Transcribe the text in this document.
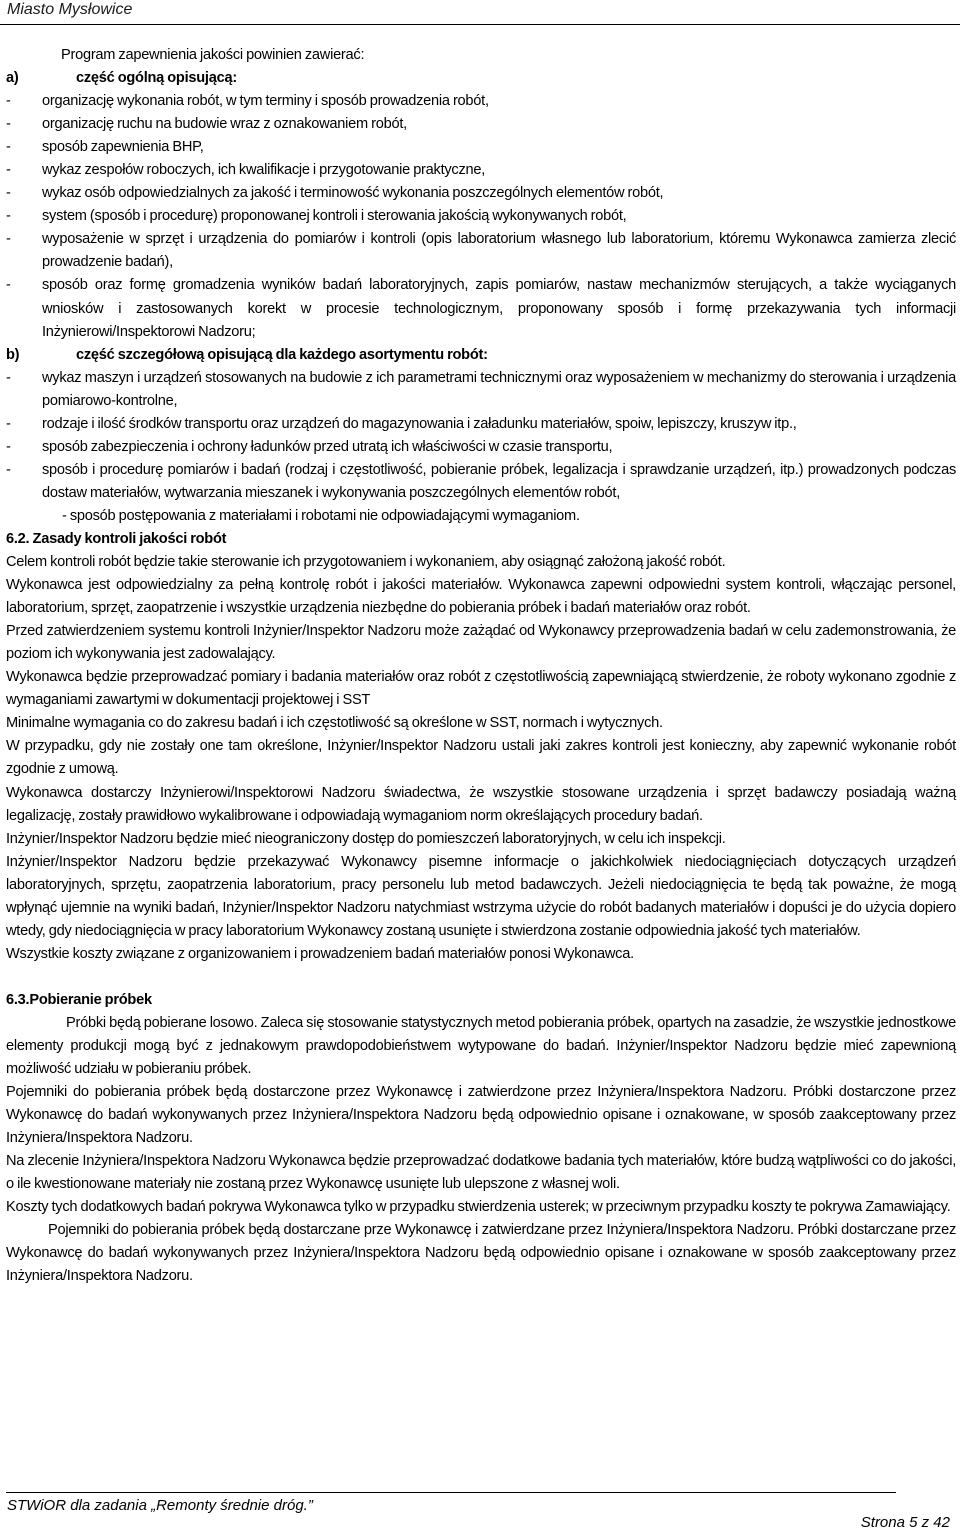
Miasto Mysłowice

Program zapewnienia jakości powinien zawierać:

a)	część ogólną opisującą:

- organizację wykonania robót, w tym terminy i sposób prowadzenia robót,

- organizację ruchu na budowie wraz z oznakowaniem robót,

- sposób zapewnienia BHP,

- wykaz zespołów roboczych, ich kwalifikacje i przygotowanie praktyczne,

- wykaz osób odpowiedzialnych za jakość i terminowość wykonania poszczególnych elementów robót,

- system (sposób i procedurę) proponowanej kontroli i sterowania jakością wykonywanych robót,

- wyposażenie w sprzęt i urządzenia do pomiarów i kontroli (opis laboratorium własnego lub laboratorium, któremu Wykonawca zamierza zlecić prowadzenie badań),

- sposób oraz formę gromadzenia wyników badań laboratoryjnych, zapis pomiarów, nastaw mechanizmów sterujących, a także wyciąganych wniosków i zastosowanych korekt w procesie technologicznym, proponowany sposób i formę przekazywania tych informacji Inżynierowi/Inspektorowi Nadzoru;

b)	część szczegółową opisującą dla każdego asortymentu robót:

- wykaz maszyn i urządzeń stosowanych na budowie z ich parametrami technicznymi oraz wyposażeniem w mechanizmy do sterowania i urządzenia pomiarowo-kontrolne,

- rodzaje i ilość środków transportu oraz urządzeń do magazynowania i załadunku materiałów, spoiw, lepiszczy, kruszyw itp.,

- sposób zabezpieczenia i ochrony ładunków przed utratą ich właściwości w czasie transportu,

- sposób i procedurę pomiarów i badań (rodzaj i częstotliwość, pobieranie próbek, legalizacja i sprawdzanie urządzeń, itp.) prowadzonych podczas dostaw materiałów, wytwarzania mieszanek i wykonywania poszczególnych elementów robót,

- sposób postępowania z materiałami i robotami nie odpowiadającymi wymaganiom.

6.2. Zasady kontroli jakości robót

Celem kontroli robót będzie takie sterowanie ich przygotowaniem i wykonaniem, aby osiągnąć założoną jakość robót.

Wykonawca jest odpowiedzialny za pełną kontrolę robót i jakości materiałów. Wykonawca zapewni odpowiedni system kontroli, włączając personel, laboratorium, sprzęt, zaopatrzenie i wszystkie urządzenia niezbędne do pobierania próbek i badań materiałów oraz robót.

Przed zatwierdzeniem systemu kontroli Inżynier/Inspektor Nadzoru może zażądać od Wykonawcy przeprowadzenia badań w celu zademonstrowania, że poziom ich wykonywania jest zadowalający.

Wykonawca będzie przeprowadzać pomiary i badania materiałów oraz robót z częstotliwością zapewniającą stwierdzenie, że roboty wykonano zgodnie z wymaganiami zawartymi w dokumentacji projektowej i SST

Minimalne wymagania co do zakresu badań i ich częstotliwość są określone w SST, normach i wytycznych.

W przypadku, gdy nie zostały one tam określone, Inżynier/Inspektor Nadzoru ustali jaki zakres kontroli jest konieczny, aby zapewnić wykonanie robót zgodnie z umową.

Wykonawca dostarczy Inżynierowi/Inspektorowi Nadzoru świadectwa, że wszystkie stosowane urządzenia i sprzęt badawczy posiadają ważną legalizację, zostały prawidłowo wykalibrowane i odpowiadają wymaganiom norm określających procedury badań.

Inżynier/Inspektor Nadzoru będzie mieć nieograniczony dostęp do pomieszczeń laboratoryjnych, w celu ich inspekcji.

Inżynier/Inspektor Nadzoru będzie przekazywać Wykonawcy pisemne informacje o jakichkolwiek niedociągnięciach dotyczących urządzeń laboratoryjnych, sprzętu, zaopatrzenia laboratorium, pracy personelu lub metod badawczych. Jeżeli niedociągnięcia te będą tak poważne, że mogą wpłynąć ujemnie na wyniki badań, Inżynier/Inspektor Nadzoru natychmiast wstrzyma użycie do robót badanych materiałów i dopuści je do użycia dopiero wtedy, gdy niedociągnięcia w pracy laboratorium Wykonawcy zostaną usunięte i stwierdzona zostanie odpowiednia jakość tych materiałów.

Wszystkie koszty związane z organizowaniem i prowadzeniem badań materiałów ponosi Wykonawca.

6.3.Pobieranie próbek

Próbki będą pobierane losowo. Zaleca się stosowanie statystycznych metod pobierania próbek, opartych na zasadzie, że wszystkie jednostkowe elementy produkcji mogą być z jednakowym prawdopodobieństwem wytypowane do badań. Inżynier/Inspektor Nadzoru będzie mieć zapewnioną możliwość udziału w pobieraniu próbek.

Pojemniki do pobierania próbek będą dostarczone przez Wykonawcę i zatwierdzone przez Inżyniera/Inspektora Nadzoru. Próbki dostarczone przez Wykonawcę do badań wykonywanych przez Inżyniera/Inspektora Nadzoru będą odpowiednio opisane i oznakowane, w sposób zaakceptowany przez Inżyniera/Inspektora Nadzoru.

Na zlecenie Inżyniera/Inspektora Nadzoru Wykonawca będzie przeprowadzać dodatkowe badania tych materiałów, które budzą wątpliwości co do jakości, o ile kwestionowane materiały nie zostaną przez Wykonawcę usunięte lub ulepszone z własnej woli.

Koszty tych dodatkowych badań pokrywa Wykonawca tylko w przypadku stwierdzenia usterek; w przeciwnym przypadku koszty te pokrywa Zamawiający.

Pojemniki do pobierania próbek będą dostarczane prze Wykonawcę i zatwierdzane przez Inżyniera/Inspektora Nadzoru. Próbki dostarczane przez Wykonawcę do badań wykonywanych przez Inżyniera/Inspektora Nadzoru będą odpowiednio opisane i oznakowane w sposób zaakceptowany przez Inżyniera/Inspektora Nadzoru.

STWiOR dla zadania „Remonty średnie dróg.”
Strona 5 z 42
